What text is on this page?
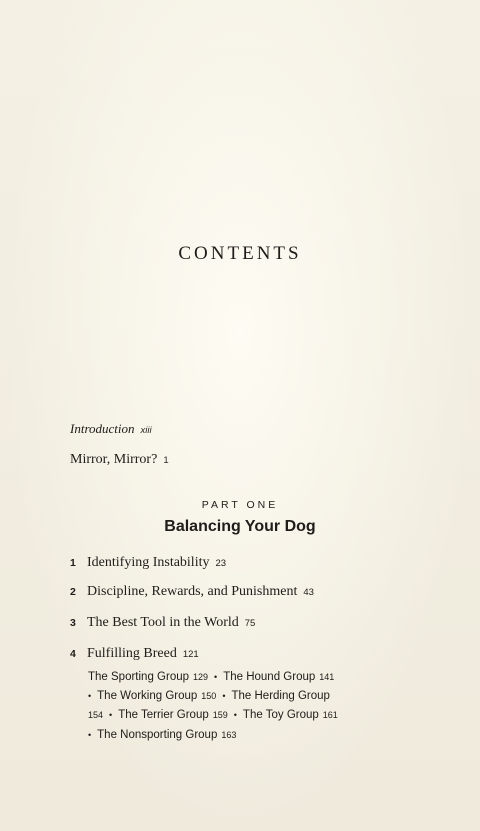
CONTENTS
Introduction xiii
Mirror, Mirror? 1
PART ONE
Balancing Your Dog
1 Identifying Instability 23
2 Discipline, Rewards, and Punishment 43
3 The Best Tool in the World 75
4 Fulfilling Breed 121
The Sporting Group 129 • The Hound Group 141
• The Working Group 150 • The Herding Group
154 • The Terrier Group 159 • The Toy Group 161
• The Nonsporting Group 163
